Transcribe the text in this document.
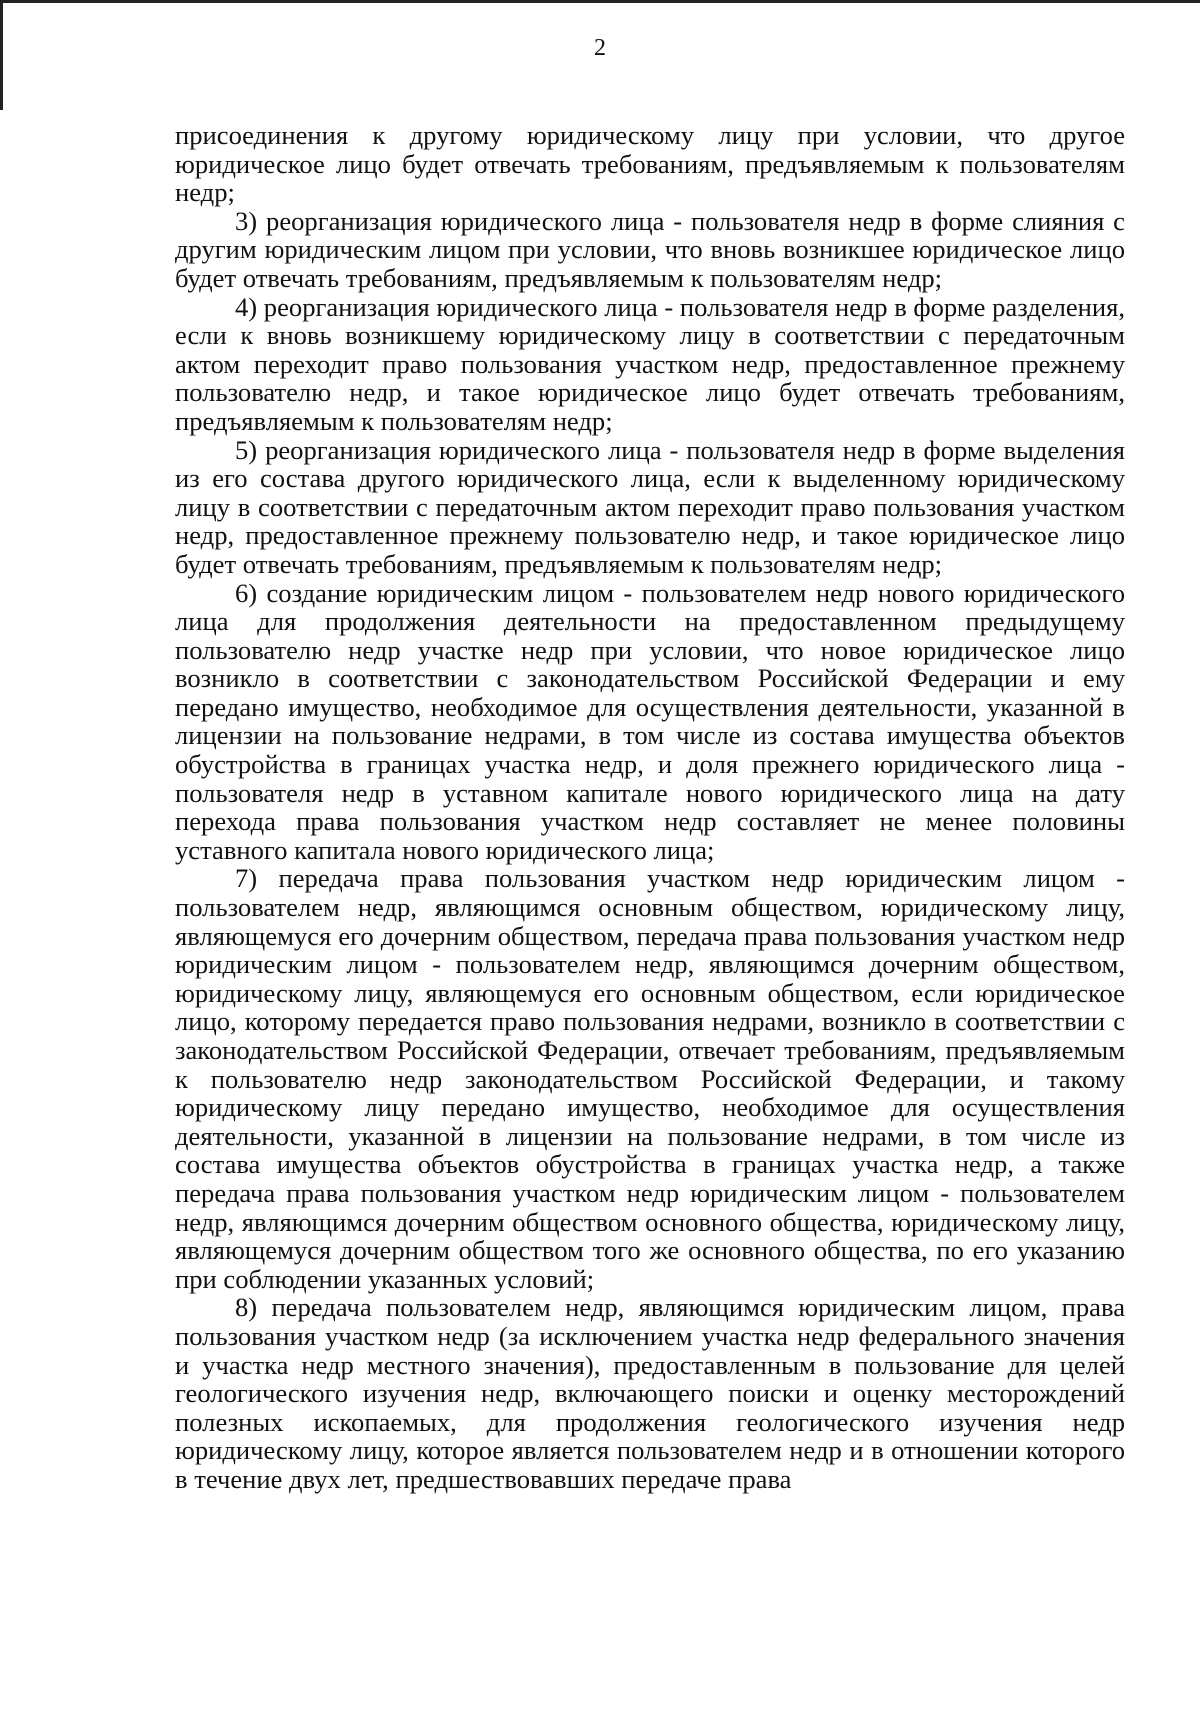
2

присоединения к другому юридическому лицу при условии, что другое юридическое лицо будет отвечать требованиям, предъявляемым к пользователям недр;

3) реорганизация юридического лица - пользователя недр в форме слияния с другим юридическим лицом при условии, что вновь возникшее юридическое лицо будет отвечать требованиям, предъявляемым к пользователям недр;

4) реорганизация юридического лица - пользователя недр в форме разделения, если к вновь возникшему юридическому лицу в соответствии с передаточным актом переходит право пользования участком недр, предоставленное прежнему пользователю недр, и такое юридическое лицо будет отвечать требованиям, предъявляемым к пользователям недр;

5) реорганизация юридического лица - пользователя недр в форме выделения из его состава другого юридического лица, если к выделенному юридическому лицу в соответствии с передаточным актом переходит право пользования участком недр, предоставленное прежнему пользователю недр, и такое юридическое лицо будет отвечать требованиям, предъявляемым к пользователям недр;

6) создание юридическим лицом - пользователем недр нового юридического лица для продолжения деятельности на предоставленном предыдущему пользователю недр участке недр при условии, что новое юридическое лицо возникло в соответствии с законодательством Российской Федерации и ему передано имущество, необходимое для осуществления деятельности, указанной в лицензии на пользование недрами, в том числе из состава имущества объектов обустройства в границах участка недр, и доля прежнего юридического лица - пользователя недр в уставном капитале нового юридического лица на дату перехода права пользования участком недр составляет не менее половины уставного капитала нового юридического лица;

7) передача права пользования участком недр юридическим лицом - пользователем недр, являющимся основным обществом, юридическому лицу, являющемуся его дочерним обществом, передача права пользования участком недр юридическим лицом - пользователем недр, являющимся дочерним обществом, юридическому лицу, являющемуся его основным обществом, если юридическое лицо, которому передается право пользования недрами, возникло в соответствии с законодательством Российской Федерации, отвечает требованиям, предъявляемым к пользователю недр законодательством Российской Федерации, и такому юридическому лицу передано имущество, необходимое для осуществления деятельности, указанной в лицензии на пользование недрами, в том числе из состава имущества объектов обустройства в границах участка недр, а также передача права пользования участком недр юридическим лицом - пользователем недр, являющимся дочерним обществом основного общества, юридическому лицу, являющемуся дочерним обществом того же основного общества, по его указанию при соблюдении указанных условий;

8) передача пользователем недр, являющимся юридическим лицом, права пользования участком недр (за исключением участка недр федерального значения и участка недр местного значения), предоставленным в пользование для целей геологического изучения недр, включающего поиски и оценку месторождений полезных ископаемых, для продолжения геологического изучения недр юридическому лицу, которое является пользователем недр и в отношении которого в течение двух лет, предшествовавших передаче права
